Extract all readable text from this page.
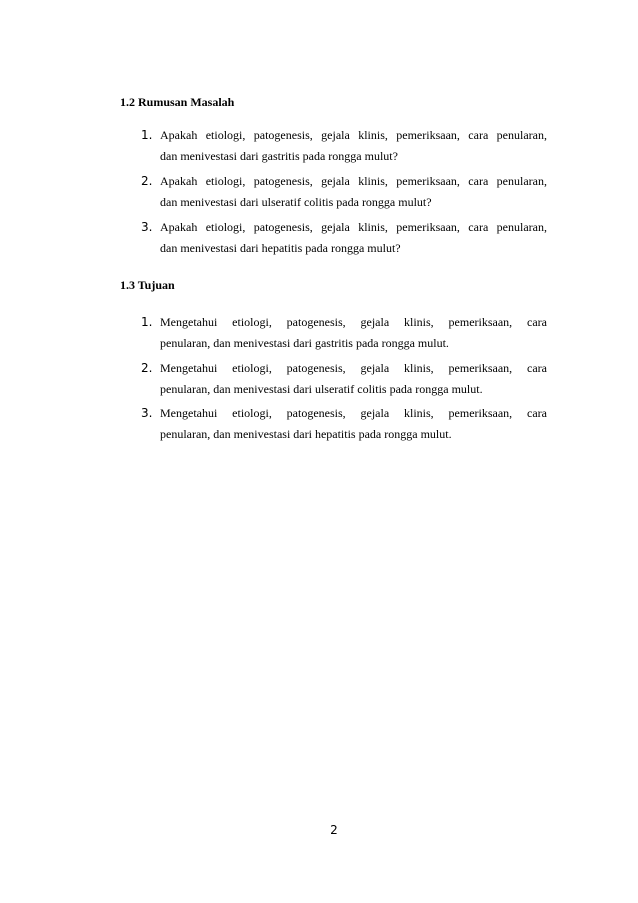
1.2 Rumusan Masalah
1. Apakah etiologi, patogenesis, gejala klinis, pemeriksaan, cara penularan,
dan menivestasi dari gastritis pada rongga mulut?
2. Apakah etiologi, patogenesis, gejala klinis, pemeriksaan, cara penularan,
dan menivestasi dari ulseratif colitis pada rongga mulut?
3. Apakah etiologi, patogenesis, gejala klinis, pemeriksaan, cara penularan,
dan menivestasi dari hepatitis pada rongga mulut?
1.3 Tujuan
1. Mengetahui etiologi, patogenesis, gejala klinis, pemeriksaan, cara
penularan, dan menivestasi dari gastritis pada rongga mulut.
2. Mengetahui etiologi, patogenesis, gejala klinis, pemeriksaan, cara
penularan, dan menivestasi dari ulseratif colitis pada rongga mulut.
3. Mengetahui etiologi, patogenesis, gejala klinis, pemeriksaan, cara
penularan, dan menivestasi dari hepatitis pada rongga mulut.
2
